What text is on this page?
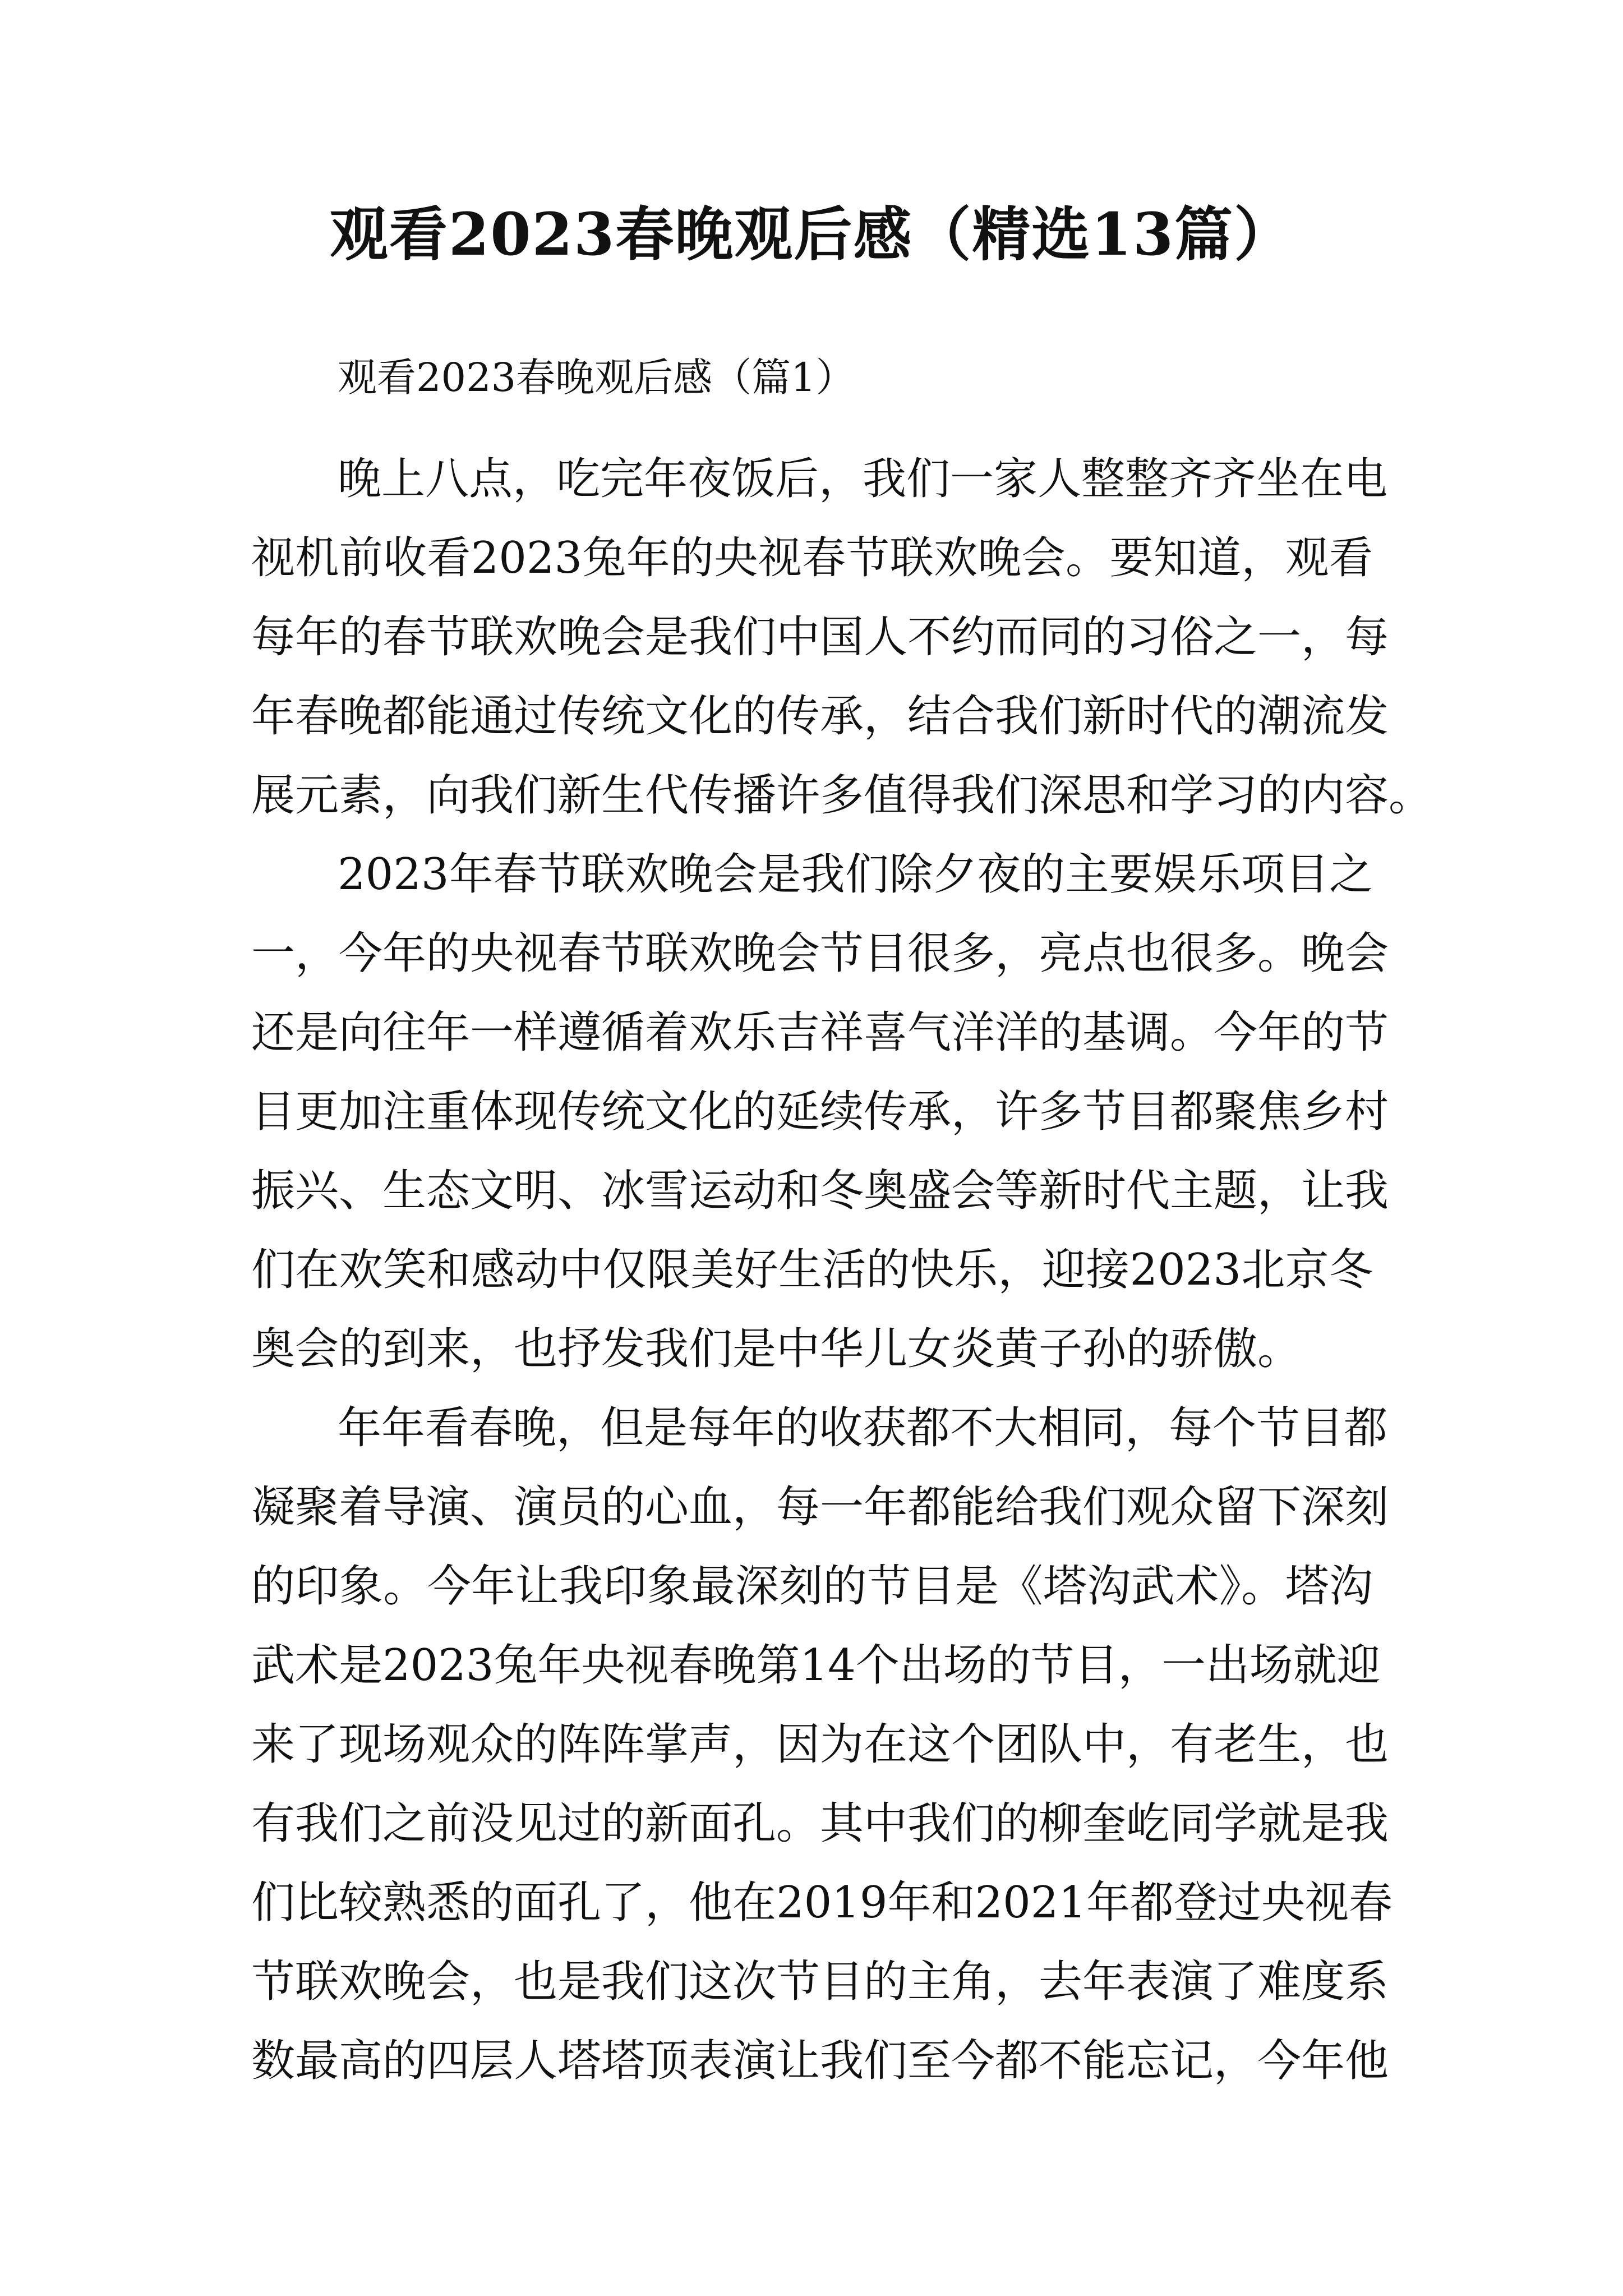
观看2023春晚观后感（精选13篇）
观看2023春晚观后感（篇1）
晚上八点，吃完年夜饭后，我们一家人整整齐齐坐在电
视机前收看2023兔年的央视春节联欢晚会。要知道，观看
每年的春节联欢晚会是我们中国人不约而同的习俗之一，每
年春晚都能通过传统文化的传承，结合我们新时代的潮流发
展元素，向我们新生代传播许多值得我们深思和学习的内容。
2023年春节联欢晚会是我们除夕夜的主要娱乐项目之
一，今年的央视春节联欢晚会节目很多，亮点也很多。晚会
还是向往年一样遵循着欢乐吉祥喜气洋洋的基调。今年的节
目更加注重体现传统文化的延续传承，许多节目都聚焦乡村
振兴、生态文明、冰雪运动和冬奥盛会等新时代主题，让我
们在欢笑和感动中仅限美好生活的快乐，迎接2023北京冬
奥会的到来，也抒发我们是中华儿女炎黄子孙的骄傲。
年年看春晚，但是每年的收获都不大相同，每个节目都
凝聚着导演、演员的心血，每一年都能给我们观众留下深刻
的印象。今年让我印象最深刻的节目是《塔沟武术》。塔沟
武术是2023兔年央视春晚第14个出场的节目，一出场就迎
来了现场观众的阵阵掌声，因为在这个团队中，有老生，也
有我们之前没见过的新面孔。其中我们的柳奎屹同学就是我
们比较熟悉的面孔了，他在2019年和2021年都登过央视春
节联欢晚会，也是我们这次节目的主角，去年表演了难度系
数最高的四层人塔塔顶表演让我们至今都不能忘记，今年他
